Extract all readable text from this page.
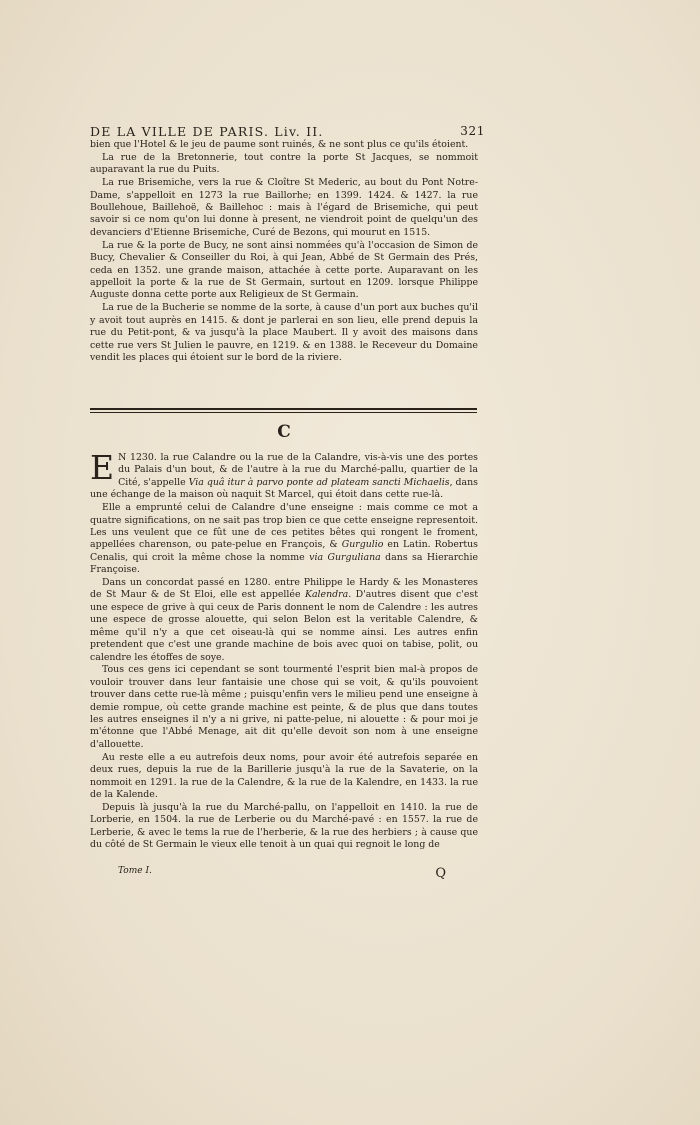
DE LA VILLE DE PARIS. Liv. II.	321

bien que l'Hotel & le jeu de paume sont ruinés, & ne sont plus ce qu'ils étoient.

La rue de la Bretonnerie, tout contre la porte St Jacques, se nommoit auparavant la rue du Puits.

La rue Brisemiche, vers la rue & Cloître St Mederic, au bout du Pont Notre-Dame, s'appelloit en 1273 la rue Baillorhe; en 1399. 1424. & 1427. la rue Boullehoue, Baillehoë, & Baillehoc : mais à l'égard de Brisemiche, qui peut savoir si ce nom qu'on lui donne à present, ne viendroit point de quelqu'un des devanciers d'Etienne Brisemiche, Curé de Bezons, qui mourut en 1515.

La rue & la porte de Bucy, ne sont ainsi nommées qu'à l'occasion de Simon de Bucy, Chevalier & Conseiller du Roi, à qui Jean, Abbé de St Germain des Prés, ceda en 1352. une grande maison, attachée à cette porte. Auparavant on les appelloit la porte & la rue de St Germain, surtout en 1209. lorsque Philippe Auguste donna cette porte aux Religieux de St Germain.

La rue de la Bucherie se nomme de la sorte, à cause d'un port aux buches qu'il y avoit tout auprès en 1415. & dont je parlerai en son lieu, elle prend depuis la rue du Petit-pont, & va jusqu'à la place Maubert. Il y avoit des maisons dans cette rue vers St Julien le pauvre, en 1219. & en 1388. le Receveur du Domaine vendit les places qui étoient sur le bord de la riviere.

C

E N 1230. la rue Calandre ou la rue de la Calandre, vis-à-vis une des portes du Palais d'un bout, & de l'autre à la rue du Marché-pallu, quartier de la Cité, s'appelle Via quâ itur à parvo ponte ad plateam sancti Michaelis, dans une échange de la maison où naquit St Marcel, qui étoit dans cette rue-là.

Elle a emprunté celui de Calandre d'une enseigne : mais comme ce mot a quatre significations, on ne sait pas trop bien ce que cette enseigne representoit. Les uns veulent que ce fût une de ces petites bêtes qui rongent le froment, appellées charenson, ou pate-pelue en François, & Gurgulio en Latin. Robertus Cenalis, qui croit la même chose la nomme via Gurguliana dans sa Hierarchie Françoise.

Dans un concordat passé en 1280. entre Philippe le Hardy & les Monasteres de St Maur & de St Eloi, elle est appellée Kalendra. D'autres disent que c'est une espece de grive à qui ceux de Paris donnent le nom de Calendre : les autres une espece de grosse alouette, qui selon Belon est la veritable Calendre, & même qu'il n'y a que cet oiseau-là qui se nomme ainsi. Les autres enfin pretendent que c'est une grande machine de bois avec quoi on tabise, polit, ou calendre les étoffes de soye.

Tous ces gens ici cependant se sont tourmenté l'esprit bien mal-à propos de vouloir trouver dans leur fantaisie une chose qui se voit, & qu'ils pouvoient trouver dans cette rue-là même ; puisqu'enfin vers le milieu pend une enseigne à demie rompue, où cette grande machine est peinte, & de plus que dans toutes les autres enseignes il n'y a ni grive, ni patte-pelue, ni alouette : & pour moi je m'étonne que l'Abbé Menage, ait dit qu'elle devoit son nom à une enseigne d'allouette.

Au reste elle a eu autrefois deux noms, pour avoir été autrefois separée en deux rues, depuis la rue de la Barillerie jusqu'à la rue de la Savaterie, on la nommoit en 1291. la rue de la Calendre, & la rue de la Kalendre, en 1433. la rue de la Kalende.

Depuis là jusqu'à la rue du Marché-pallu, on l'appelloit en 1410. la rue de Lorberie, en 1504. la rue de Lerberie ou du Marché-pavé : en 1557. la rue de Lerberie, & avec le tems la rue de l'herberie, & la rue des herbiers ; à cause que du côté de St Germain le vieux elle tenoit à un quai qui regnoit le long de

Tome I.	Q
